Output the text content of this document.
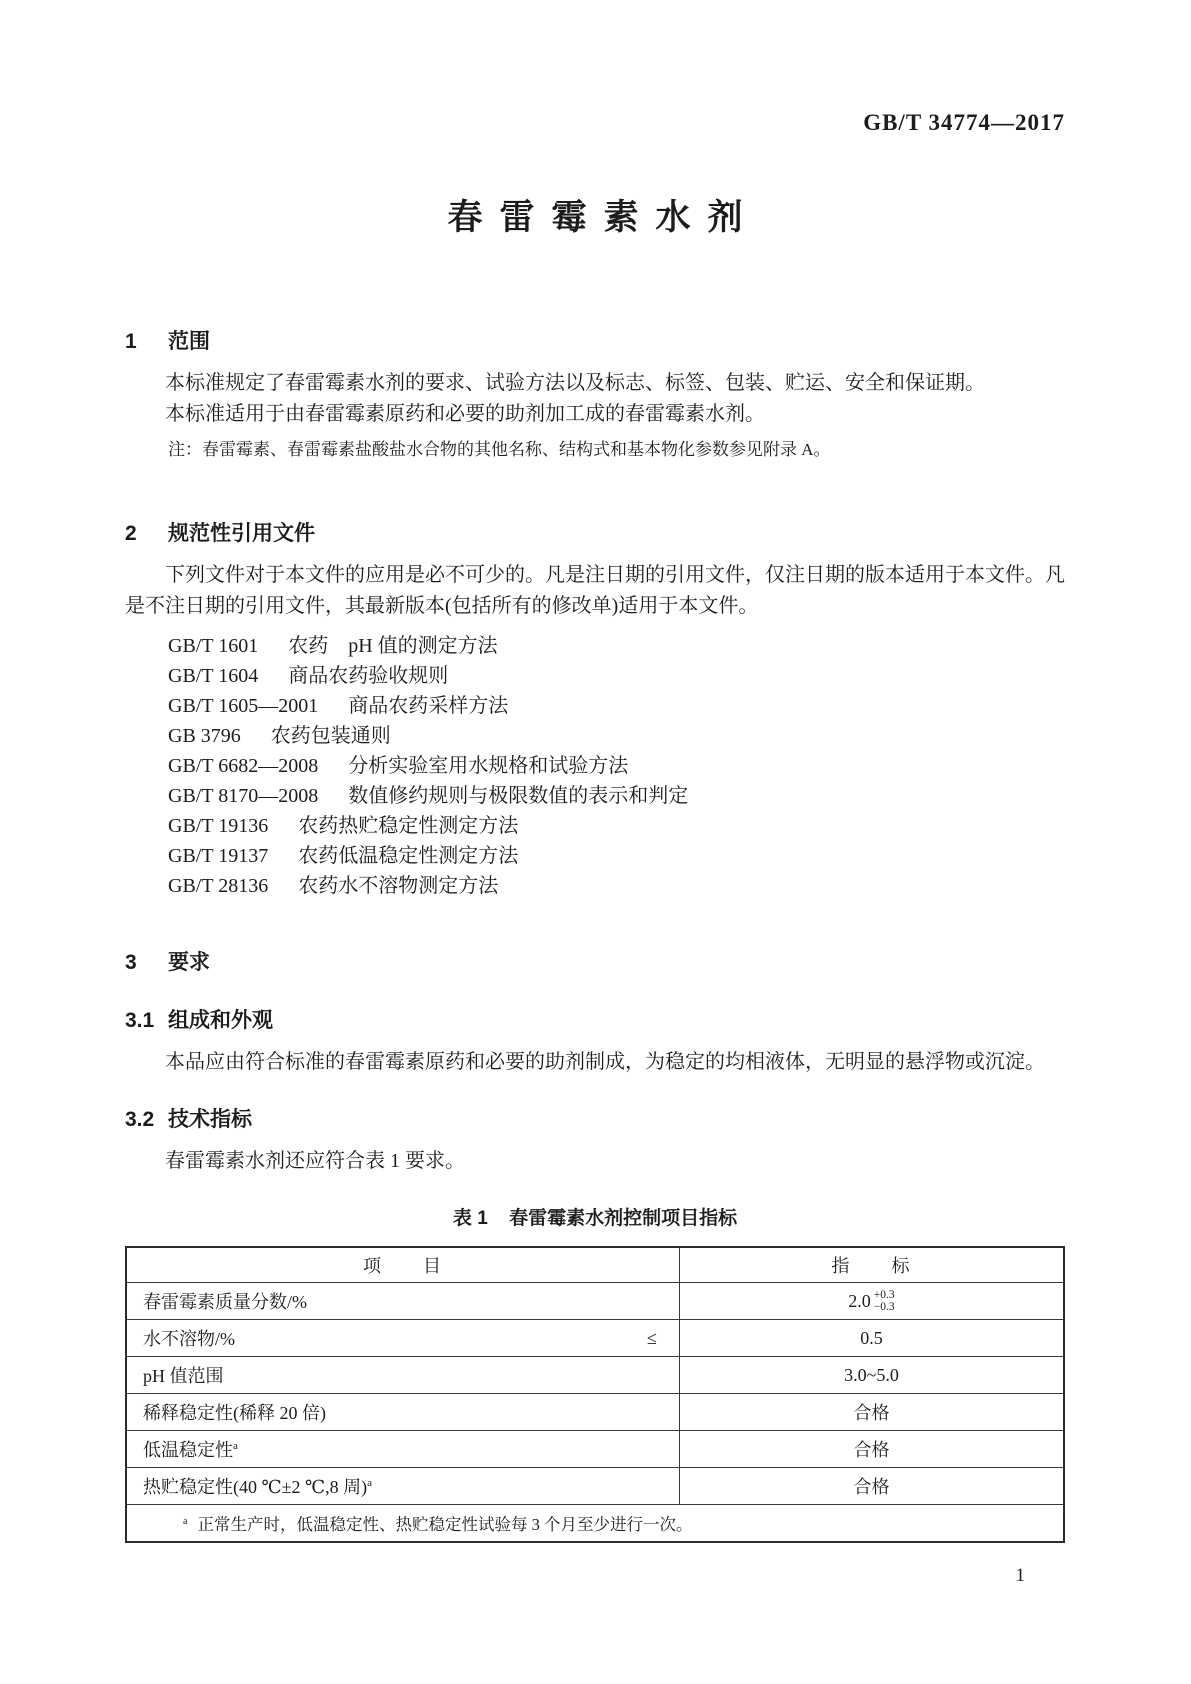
GB/T 34774—2017
春雷霉素水剂
1	范围

本标准规定了春雷霉素水剂的要求、试验方法以及标志、标签、包装、贮运、安全和保证期。

本标准适用于由春雷霉素原药和必要的助剂加工成的春雷霉素水剂。

注：春雷霉素、春雷霉素盐酸盐水合物的其他名称、结构式和基本物化参数参见附录 A。

2	规范性引用文件

下列文件对于本文件的应用是必不可少的。凡是注日期的引用文件，仅注日期的版本适用于本文件。凡是不注日期的引用文件，其最新版本(包括所有的修改单)适用于本文件。

GB/T 1601 农药　pH 值的测定方法
GB/T 1604 商品农药验收规则
GB/T 1605—2001 商品农药采样方法
GB 3796 农药包装通则
GB/T 6682—2008 分析实验室用水规格和试验方法
GB/T 8170—2008 数值修约规则与极限数值的表示和判定
GB/T 19136 农药热贮稳定性测定方法
GB/T 19137 农药低温稳定性测定方法
GB/T 28136 农药水不溶物测定方法
3	要求
3.1 组成和外观

本品应由符合标准的春雷霉素原药和必要的助剂制成，为稳定的均相液体，无明显的悬浮物或沉淀。

3.2 技术指标

春雷霉素水剂还应符合表 1 要求。

表 1 春雷霉素水剂控制项目指标
项　　目	指　　标
春雷霉素质量分数/%	2.0 +0.3
−0.3

水不溶物/% ≤	0.5
pH 值范围	3.0~5.0
稀释稳定性(稀释 20 倍)	合格
低温稳定性$^a$	合格
热贮稳定性(40 ℃±2 ℃,8 周)$^a$	合格

$^a$ 正常生产时，低温稳定性、热贮稳定性试验每 3 个月至少进行一次。	
1
